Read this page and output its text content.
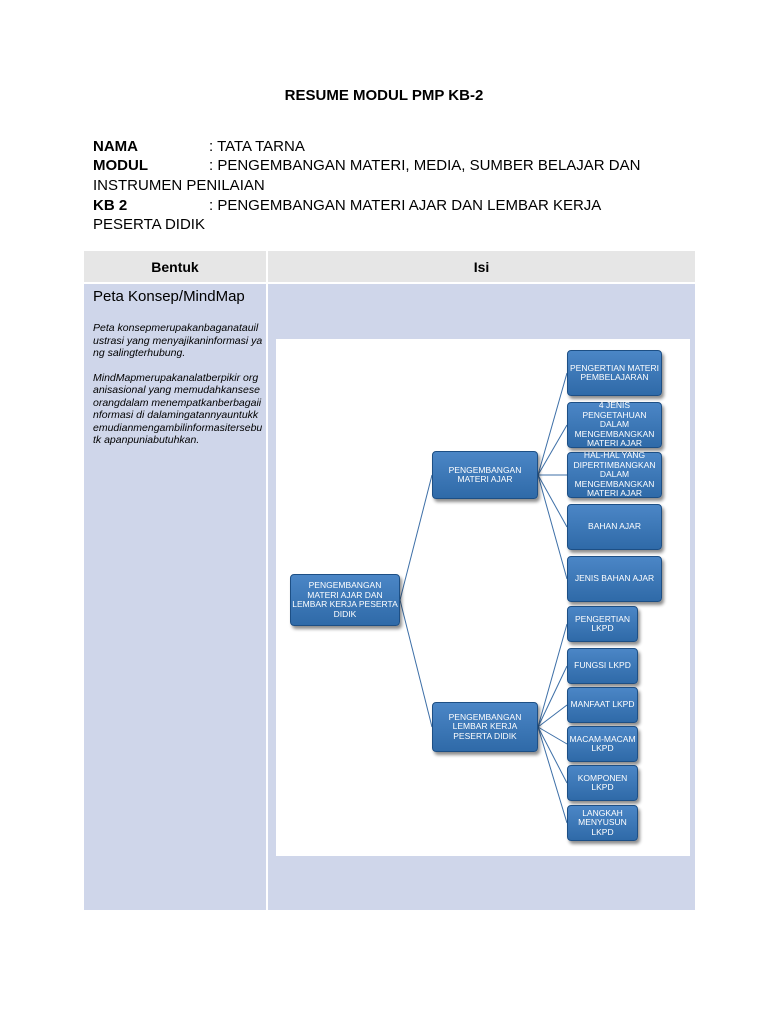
RESUME MODUL PMP KB-2
NAMA	: TATA TARNA
MODUL	: PENGEMBANGAN MATERI, MEDIA, SUMBER BELAJAR DAN
INSTRUMEN PENILAIAN
KB 2	: PENGEMBANGAN MATERI AJAR DAN LEMBAR KERJA
PESERTA DIDIK
Bentuk	Isi
Peta Konsep/MindMap

Peta konsepmerupakanbaganatauilustrasi yang menyajikaninformasi yang salingterhubung.

MindMapmerupakanalatberpikir organisasional yang memudahkanseseorangdalam menempatkanberbagaiinformasi di dalamingatannyauntukkemudianmengambilinformasitersebutk apanpuniabutuhkan.

PENGEMBANGAN MATERI AJAR DAN LEMBAR KERJA PESERTA DIDIK
PENGEMBANGAN MATERI AJAR
PENGEMBANGAN LEMBAR KERJA PESERTA DIDIK
PENGERTIAN MATERI PEMBELAJARAN
4 JENIS PENGETAHUAN DALAM MENGEMBANGKAN MATERI AJAR
HAL-HAL YANG DIPERTIMBANGKAN DALAM MENGEMBANGKAN MATERI AJAR
BAHAN AJAR
JENIS BAHAN AJAR
PENGERTIAN LKPD
FUNGSI LKPD
MANFAAT LKPD
MACAM-MACAM LKPD
KOMPONEN LKPD
LANGKAH MENYUSUN LKPD
